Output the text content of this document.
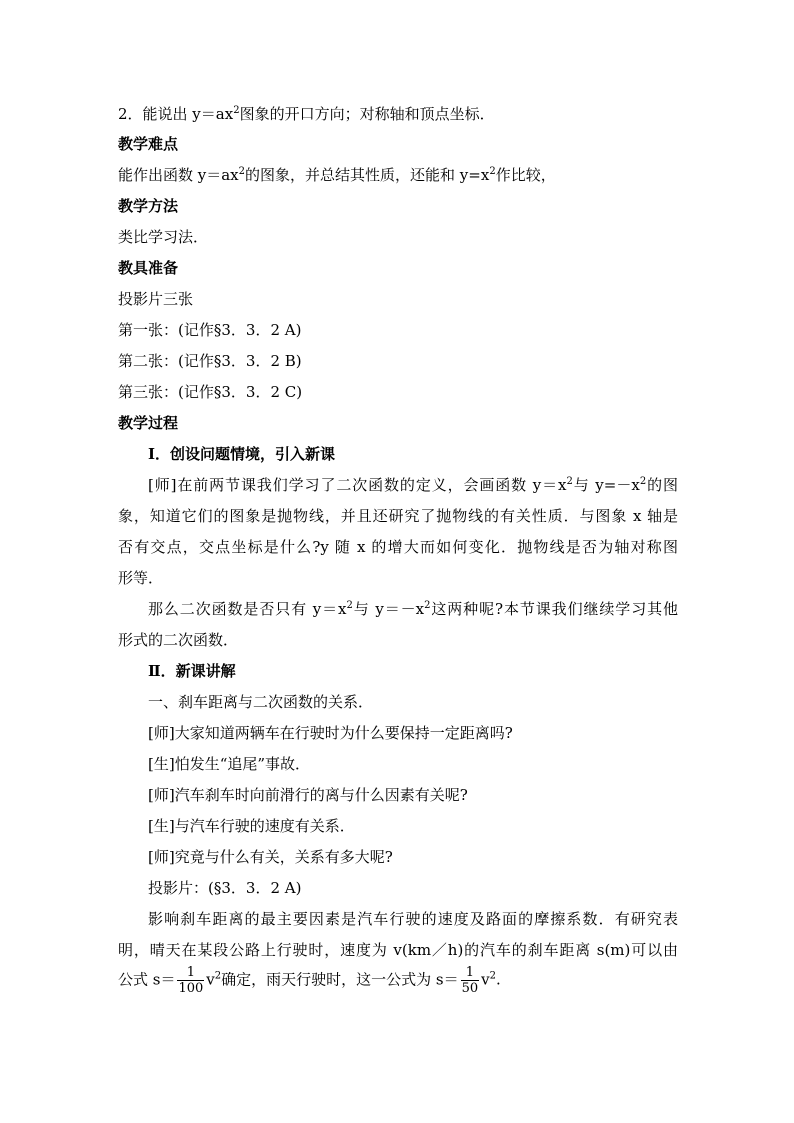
2．能说出 $y=ax^2$图象的开口方向；对称轴和顶点坐标．
教学难点
能作出函数 $y=ax^2$的图象，并总结其性质，还能和 $y=x^2$作比较，
教学方法
类比学习法．
教具准备
投影片三张
第一张：(记作§3．3．2 A)
第二张：(记作§3．3．2 B)
第三张：(记作§3．3．2 C)
教学过程
Ⅰ．创设问题情境，引入新课
[师]在前两节课我们学习了二次函数的定义，会画函数 $y=x^2$与 $y=-x^2$的图
象，知道它们的图象是抛物线，并且还研究了抛物线的有关性质．与图象 x 轴是
否有交点，交点坐标是什么?y 随 x 的增大而如何变化．抛物线是否为轴对称图
形等．
那么二次函数是否只有 $y=x^2$与 $y=-x^2$这两种呢?本节课我们继续学习其他
形式的二次函数．
Ⅱ．新课讲解
一、刹车距离与二次函数的关系．
[师]大家知道两辆车在行驶时为什么要保持一定距离吗?
[生]怕发生“追尾”事故．
[师]汽车刹车时向前滑行的离与什么因素有关呢?
[生]与汽车行驶的速度有关系．
[师]究竟与什么有关，关系有多大呢?
投影片：(§3．3．2 A)
影响刹车距离的最主要因素是汽车行驶的速度及路面的摩擦系数．有研究表
明，晴天在某段公路上行驶时，速度为 v(km／h)的汽车的刹车距离 s(m)可以由
公式 $s= \frac{1}{100} v^2$确定，雨天行驶时，这一公式为 $s= \frac{1}{50} v^2$.
